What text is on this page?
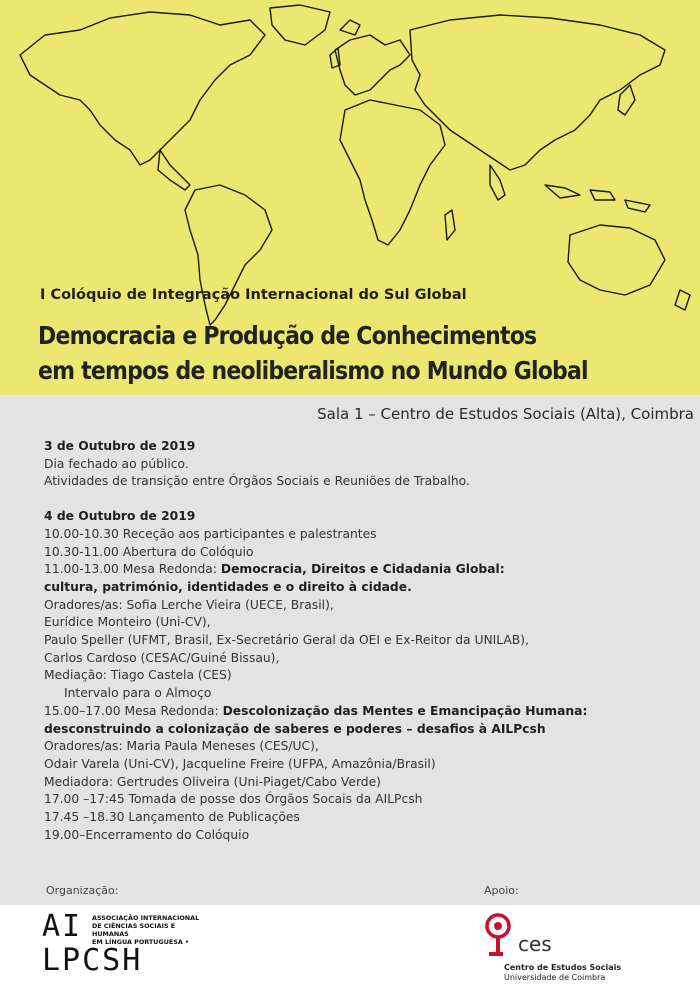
I Colóquio de Integração Internacional do Sul Global
Democracia e Produção de Conhecimentos
em tempos de neoliberalismo no Mundo Global
Sala 1 – Centro de Estudos Sociais (Alta), Coimbra
3 de Outubro de 2019
Dia fechado ao público.
Atividades de transição entre Órgãos Sociais e Reuniões de Trabalho.
4 de Outubro de 2019
10.00-10.30 Receção aos participantes e palestrantes
10.30-11.00 Abertura do Colóquio
11.00-13.00 Mesa Redonda: Democracia, Direitos e Cidadania Global:
cultura, património, identidades e o direito à cidade.
Oradores/as: Sofia Lerche Vieira (UECE, Brasil),
Eurídice Monteiro (Uni-CV),
Paulo Speller (UFMT, Brasil, Ex-Secretário Geral da OEI e Ex-Reitor da UNILAB),
Carlos Cardoso (CESAC/Guiné Bissau),
Mediação: Tiago Castela (CES)
Intervalo para o Almoço
15.00–17.00 Mesa Redonda: Descolonização das Mentes e Emancipação Humana:
desconstruindo a colonização de saberes e poderes – desafios à AILPcsh
Oradores/as: Maria Paula Meneses (CES/UC),
Odair Varela (Uni-CV), Jacqueline Freire (UFPA, Amazônia/Brasil)
Mediadora: Gertrudes Oliveira (Uni-Piaget/Cabo Verde)
17.00 –17:45 Tomada de posse dos Órgãos Socais da AILPcsh
17.45 –18.30 Lançamento de Publicações
19.00–Encerramento do Colóquio
Organização:	Apoio:
AI
LPCSH
ASSOCIAÇÃO INTERNACIONAL
DE CIÊNCIAS SOCIAIS E HUMANAS
EM LÍNGUA PORTUGUESA •	ces
Centro de Estudos Sociais
Universidade de Coimbra
